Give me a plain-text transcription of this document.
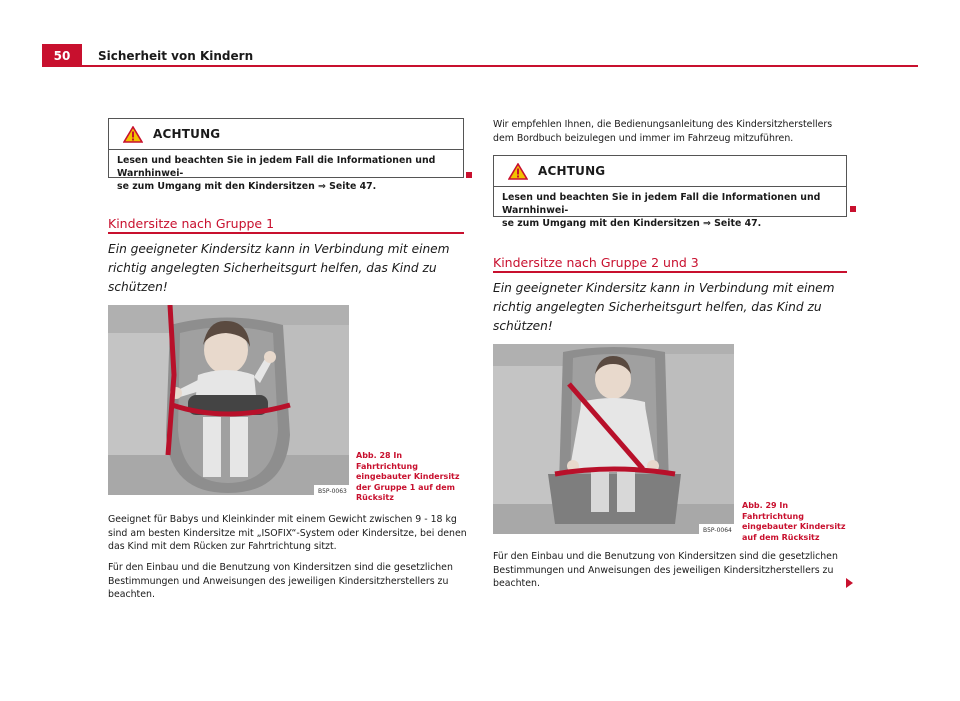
50	Sicherheit von Kindern
ACHTUNG
Lesen und beachten Sie in jedem Fall die Informationen und Warnhinwei-
se zum Umgang mit den Kindersitzen ⇒ Seite 47.
Kindersitze nach Gruppe 1
Ein geeigneter Kindersitz kann in Verbindung mit einem
richtig angelegten Sicherheitsgurt helfen, das Kind zu
schützen!
B5P-0063
Abb. 28 In Fahrtrichtung
eingebauter Kindersitz
der Gruppe 1 auf dem
Rücksitz
Geeignet für Babys und Kleinkinder mit einem Gewicht zwischen 9 - 18 kg
sind am besten Kindersitze mit „ISOFIX“-System oder Kindersitze, bei denen
das Kind mit dem Rücken zur Fahrtrichtung sitzt.
Für den Einbau und die Benutzung von Kindersitzen sind die gesetzlichen
Bestimmungen und Anweisungen des jeweiligen Kindersitzherstellers zu
beachten.
Wir empfehlen Ihnen, die Bedienungsanleitung des Kindersitzherstellers
dem Bordbuch beizulegen und immer im Fahrzeug mitzuführen.
ACHTUNG
Lesen und beachten Sie in jedem Fall die Informationen und Warnhinwei-
se zum Umgang mit den Kindersitzen ⇒ Seite 47.
Kindersitze nach Gruppe 2 und 3
Ein geeigneter Kindersitz kann in Verbindung mit einem
richtig angelegten Sicherheitsgurt helfen, das Kind zu
schützen!
B5P-0064
Abb. 29 In Fahrtrichtung
eingebauter Kindersitz
auf dem Rücksitz
Für den Einbau und die Benutzung von Kindersitzen sind die gesetzlichen
Bestimmungen und Anweisungen des jeweiligen Kindersitzherstellers zu
beachten.
